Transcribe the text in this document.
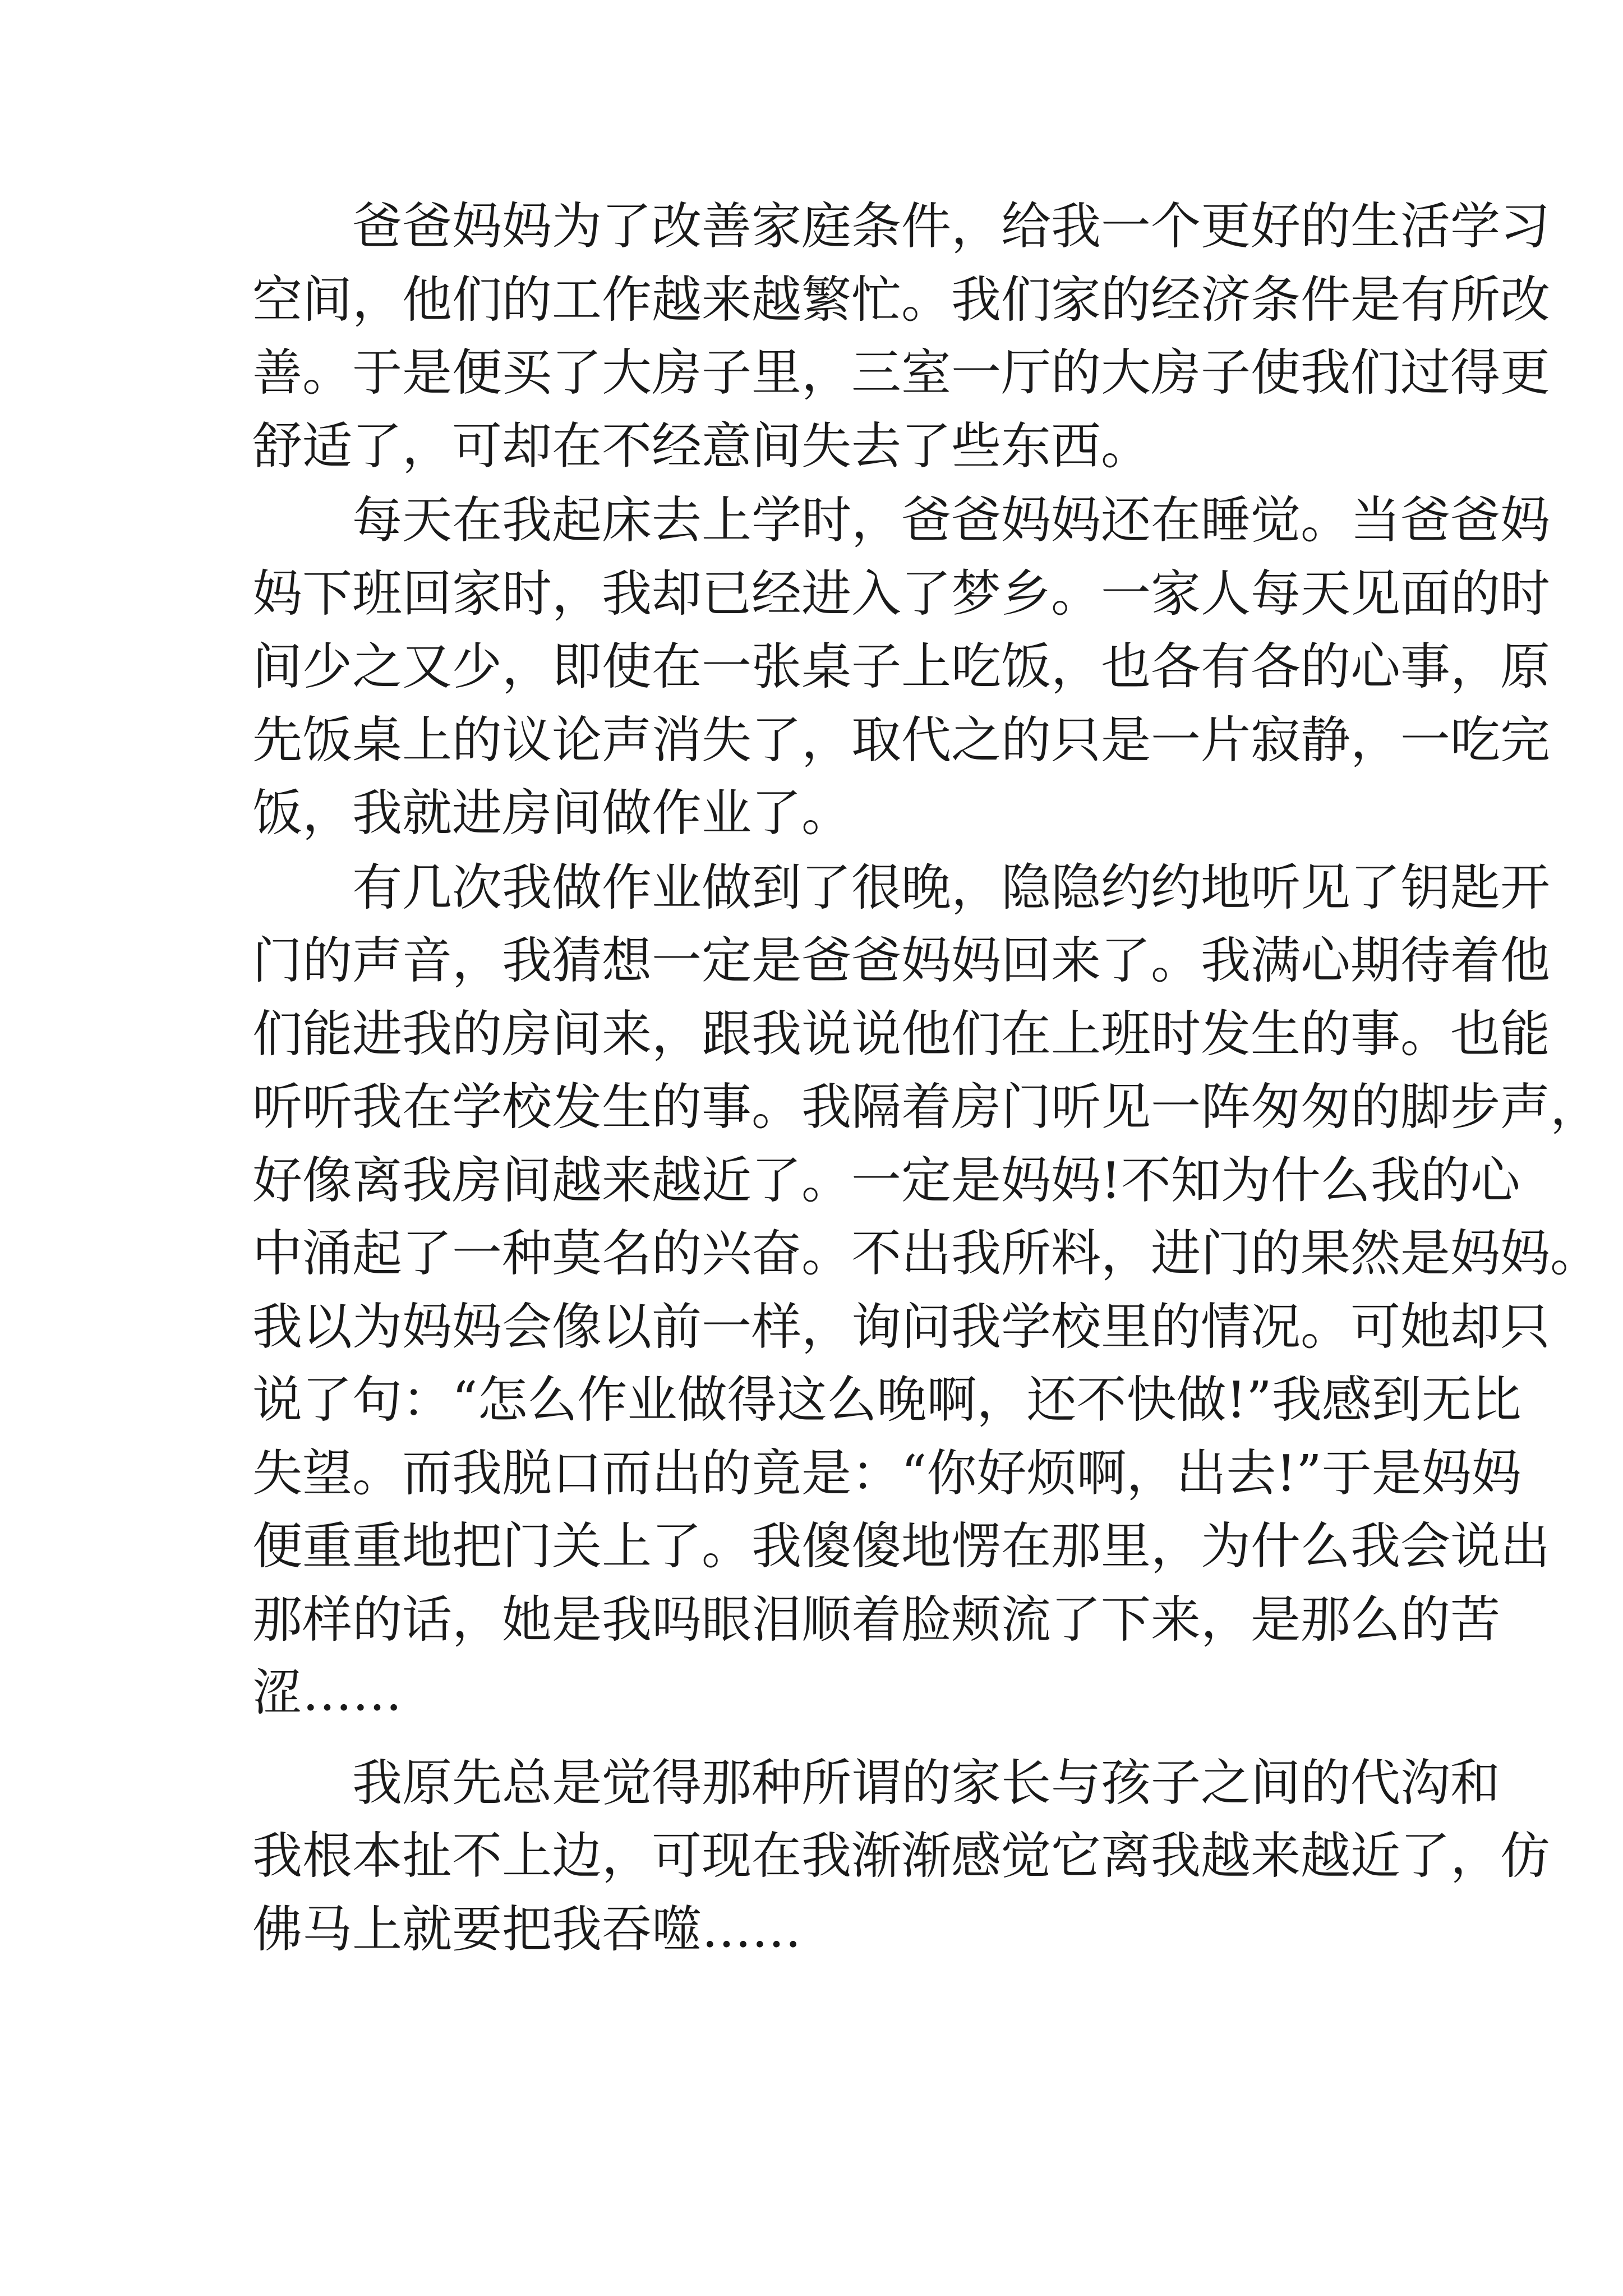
爸爸妈妈为了改善家庭条件，给我一个更好的生活学习
空间，他们的工作越来越繁忙。我们家的经济条件是有所改
善。于是便买了大房子里，三室一厅的大房子使我们过得更
舒适了，可却在不经意间失去了些东西。
每天在我起床去上学时，爸爸妈妈还在睡觉。当爸爸妈
妈下班回家时，我却已经进入了梦乡。一家人每天见面的时
间少之又少，即使在一张桌子上吃饭，也各有各的心事，原
先饭桌上的议论声消失了，取代之的只是一片寂静，一吃完
饭，我就进房间做作业了。
有几次我做作业做到了很晚，隐隐约约地听见了钥匙开
门的声音，我猜想一定是爸爸妈妈回来了。我满心期待着他
们能进我的房间来，跟我说说他们在上班时发生的事。也能
听听我在学校发生的事。我隔着房门听见一阵匆匆的脚步声，
好像离我房间越来越近了。一定是妈妈!不知为什么我的心
中涌起了一种莫名的兴奋。不出我所料，进门的果然是妈妈。
我以为妈妈会像以前一样，询问我学校里的情况。可她却只
说了句：“怎么作业做得这么晚啊，还不快做!”我感到无比
失望。而我脱口而出的竟是：“你好烦啊，出去!”于是妈妈
便重重地把门关上了。我傻傻地愣在那里，为什么我会说出
那样的话，她是我吗眼泪顺着脸颊流了下来，是那么的苦
涩……
我原先总是觉得那种所谓的家长与孩子之间的代沟和
我根本扯不上边，可现在我渐渐感觉它离我越来越近了，仿
佛马上就要把我吞噬……
